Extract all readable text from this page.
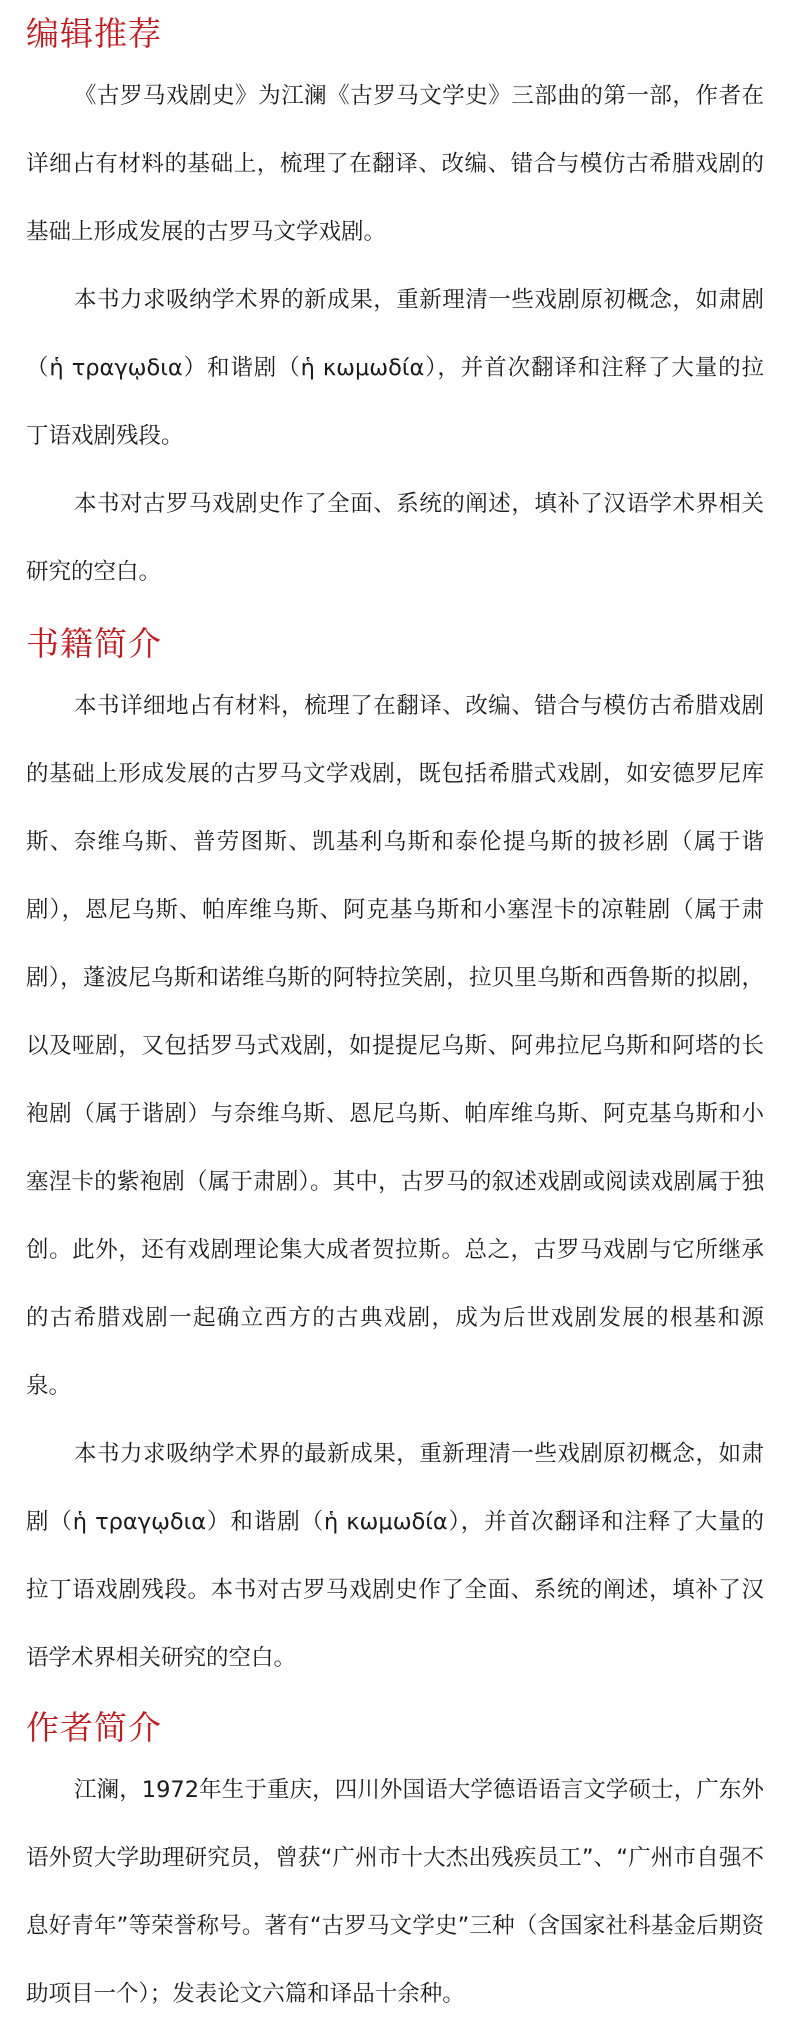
编辑推荐

《古罗马戏剧史》为江澜《古罗马文学史》三部曲的第一部，作者在详细占有材料的基础上，梳理了在翻译、改编、错合与模仿古希腊戏剧的基础上形成发展的古罗马文学戏剧。

本书力求吸纳学术界的新成果，重新理清一些戏剧原初概念，如肃剧（ἡ τραγῳδια）和谐剧（ἡ κωμωδία），并首次翻译和注释了大量的拉丁语戏剧残段。

本书对古罗马戏剧史作了全面、系统的阐述，填补了汉语学术界相关研究的空白。

书籍简介

本书详细地占有材料，梳理了在翻译、改编、错合与模仿古希腊戏剧的基础上形成发展的古罗马文学戏剧，既包括希腊式戏剧，如安德罗尼库斯、奈维乌斯、普劳图斯、凯基利乌斯和泰伦提乌斯的披衫剧（属于谐剧），恩尼乌斯、帕库维乌斯、阿克基乌斯和小塞涅卡的凉鞋剧（属于肃剧），蓬波尼乌斯和诺维乌斯的阿特拉笑剧，拉贝里乌斯和西鲁斯的拟剧，以及哑剧，又包括罗马式戏剧，如提提尼乌斯、阿弗拉尼乌斯和阿塔的长袍剧（属于谐剧）与奈维乌斯、恩尼乌斯、帕库维乌斯、阿克基乌斯和小塞涅卡的紫袍剧（属于肃剧）。其中，古罗马的叙述戏剧或阅读戏剧属于独创。此外，还有戏剧理论集大成者贺拉斯。总之，古罗马戏剧与它所继承的古希腊戏剧一起确立西方的古典戏剧，成为后世戏剧发展的根基和源泉。

本书力求吸纳学术界的最新成果，重新理清一些戏剧原初概念，如肃剧（ἡ τραγῳδια）和谐剧（ἡ κωμωδία），并首次翻译和注释了大量的拉丁语戏剧残段。本书对古罗马戏剧史作了全面、系统的阐述，填补了汉语学术界相关研究的空白。

作者简介

江澜，1972年生于重庆，四川外国语大学德语语言文学硕士，广东外语外贸大学助理研究员，曾获“广州市十大杰出残疾员工”、“广州市自强不息好青年”等荣誉称号。著有“古罗马文学史”三种（含国家社科基金后期资助项目一个）；发表论文六篇和译品十余种。
